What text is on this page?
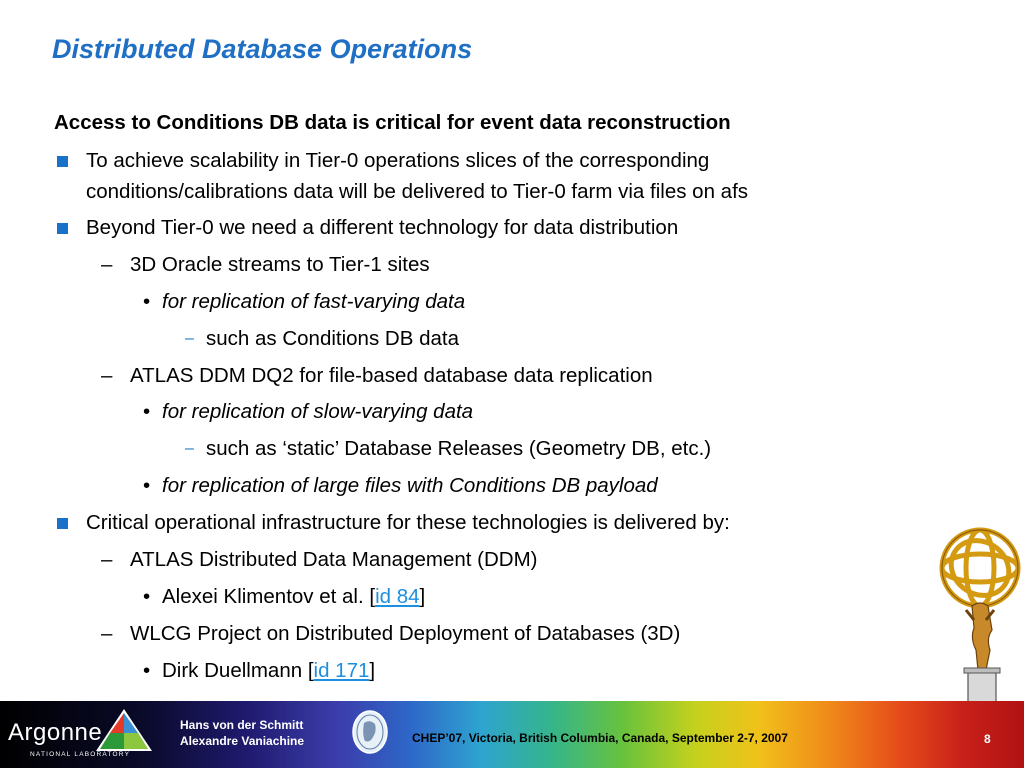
Distributed Database Operations
Access to Conditions DB data is critical for event data reconstruction
To achieve scalability in Tier-0 operations slices of the corresponding
conditions/calibrations data will be delivered to Tier-0 farm via files on afs
Beyond Tier-0 we need a different technology for data distribution
– 3D Oracle streams to Tier-1 sites
• for replication of fast-varying data
– such as Conditions DB data
– ATLAS DDM DQ2 for file-based database data replication
• for replication of slow-varying data
– such as ‘static’ Database Releases (Geometry DB, etc.)
• for replication of large files with Conditions DB payload
Critical operational infrastructure for these technologies is delivered by:
– ATLAS Distributed Data Management (DDM)
• Alexei Klimentov et al. [id 84]
– WLCG Project on Distributed Deployment of Databases (3D)
• Dirk Duellmann [id 171]
Argonne
NATIONAL LABORATORY
Hans von der Schmitt
Alexandre Vaniachine	CHEP’07, Victoria, British Columbia, Canada, September 2-7, 2007	8
